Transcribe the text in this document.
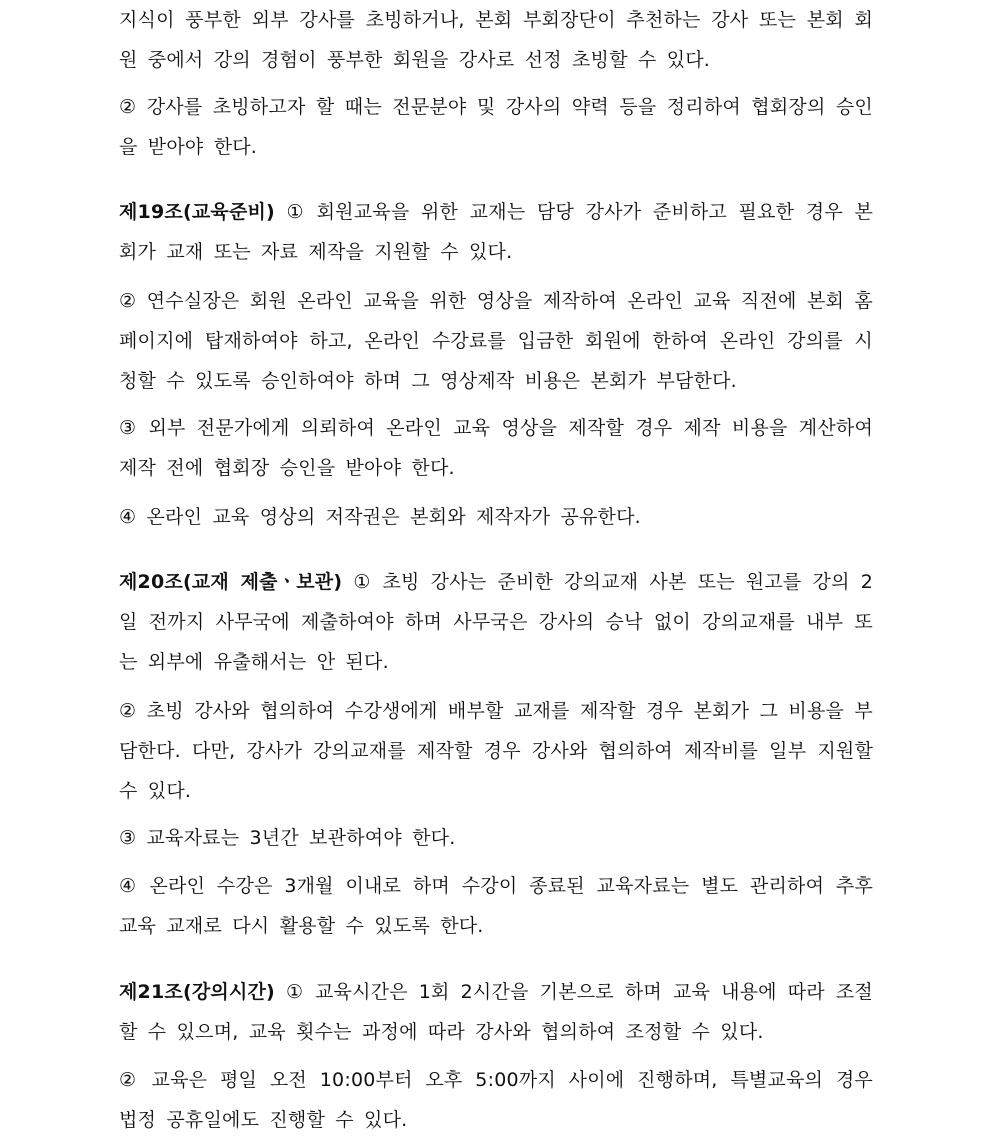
지식이 풍부한 외부 강사를 초빙하거나, 본회 부회장단이 추천하는 강사 또는 본회 회원 중에서 강의 경험이 풍부한 회원을 강사로 선정 초빙할 수 있다.

② 강사를 초빙하고자 할 때는 전문분야 및 강사의 약력 등을 정리하여 협회장의 승인을 받아야 한다.

제19조(교육준비) ① 회원교육을 위한 교재는 담당 강사가 준비하고 필요한 경우 본회가 교재 또는 자료 제작을 지원할 수 있다.

② 연수실장은 회원 온라인 교육을 위한 영상을 제작하여 온라인 교육 직전에 본회 홈페이지에 탑재하여야 하고, 온라인 수강료를 입금한 회원에 한하여 온라인 강의를 시청할 수 있도록 승인하여야 하며 그 영상제작 비용은 본회가 부담한다.

③ 외부 전문가에게 의뢰하여 온라인 교육 영상을 제작할 경우 제작 비용을 계산하여 제작 전에 협회장 승인을 받아야 한다.

④ 온라인 교육 영상의 저작권은 본회와 제작자가 공유한다.

제20조(교재 제출ㆍ보관) ① 초빙 강사는 준비한 강의교재 사본 또는 원고를 강의 2일 전까지 사무국에 제출하여야 하며 사무국은 강사의 승낙 없이 강의교재를 내부 또는 외부에 유출해서는 안 된다.

② 초빙 강사와 협의하여 수강생에게 배부할 교재를 제작할 경우 본회가 그 비용을 부담한다. 다만, 강사가 강의교재를 제작할 경우 강사와 협의하여 제작비를 일부 지원할 수 있다.

③ 교육자료는 3년간 보관하여야 한다.

④ 온라인 수강은 3개월 이내로 하며 수강이 종료된 교육자료는 별도 관리하여 추후 교육 교재로 다시 활용할 수 있도록 한다.

제21조(강의시간) ① 교육시간은 1회 2시간을 기본으로 하며 교육 내용에 따라 조절할 수 있으며, 교육 횟수는 과정에 따라 강사와 협의하여 조정할 수 있다.

② 교육은 평일 오전 10:00부터 오후 5:00까지 사이에 진행하며, 특별교육의 경우 법정 공휴일에도 진행할 수 있다.
